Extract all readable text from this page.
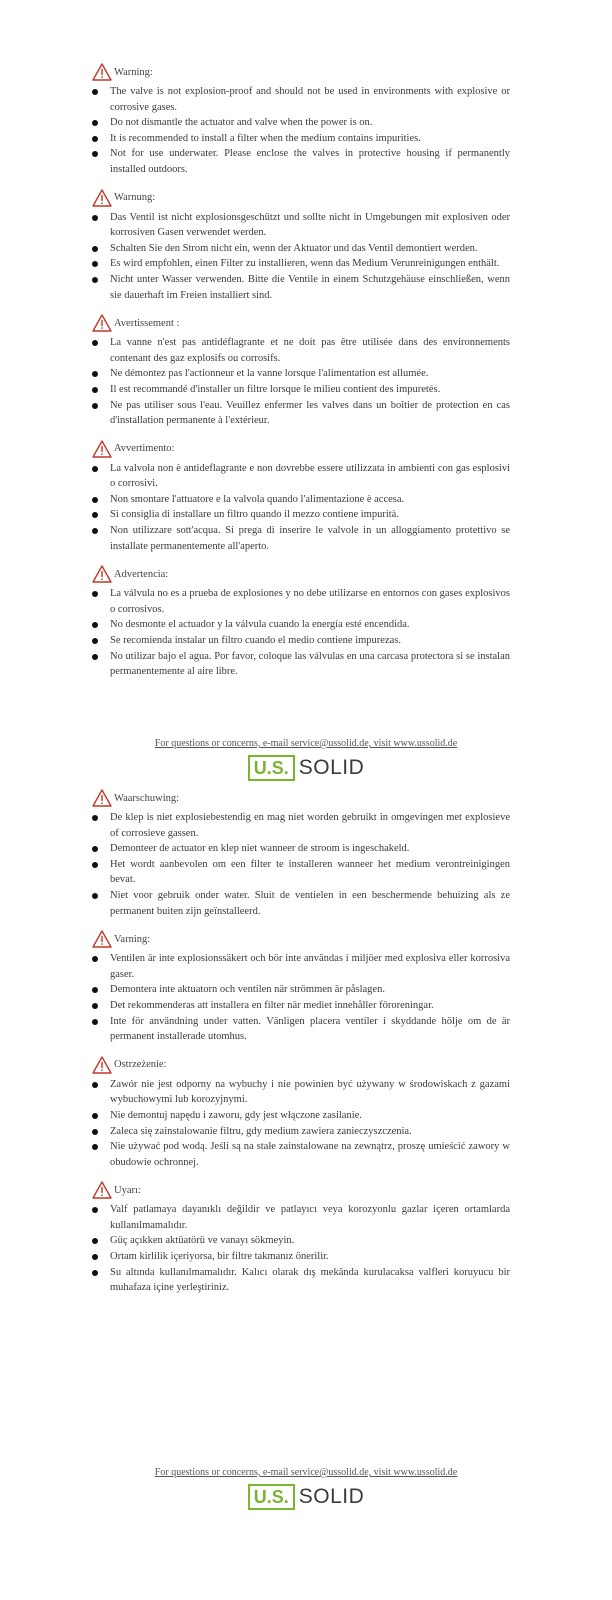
Warning:
The valve is not explosion-proof and should not be used in environments with explosive or corrosive gases.
Do not dismantle the actuator and valve when the power is on.
It is recommended to install a filter when the medium contains impurities.
Not for use underwater. Please enclose the valves in protective housing if permanently installed outdoors.
Warnung:
Das Ventil ist nicht explosionsgeschützt und sollte nicht in Umgebungen mit explosiven oder korrosiven Gasen verwendet werden.
Schalten Sie den Strom nicht ein, wenn der Aktuator und das Ventil demontiert werden.
Es wird empfohlen, einen Filter zu installieren, wenn das Medium Verunreinigungen enthält.
Nicht unter Wasser verwenden. Bitte die Ventile in einem Schutzgehäuse einschließen, wenn sie dauerhaft im Freien installiert sind.
Avertissement :
La vanne n'est pas antidéflagrante et ne doit pas être utilisée dans des environnements contenant des gaz explosifs ou corrosifs.
Ne démontez pas l'actionneur et la vanne lorsque l'alimentation est allumée.
Il est recommandé d'installer un filtre lorsque le milieu contient des impuretés.
Ne pas utiliser sous l'eau. Veuillez enfermer les valves dans un boîtier de protection en cas d'installation permanente à l'extérieur.
Avvertimento:
La valvola non è antideflagrante e non dovrebbe essere utilizzata in ambienti con gas esplosivi o corrosivi.
Non smontare l'attuatore e la valvola quando l'alimentazione è accesa.
Si consiglia di installare un filtro quando il mezzo contiene impurità.
Non utilizzare sott'acqua. Si prega di inserire le valvole in un alloggiamento protettivo se installate permanentemente all'aperto.
Advertencia:
La válvula no es a prueba de explosiones y no debe utilizarse en entornos con gases explosivos o corrosivos.
No desmonte el actuador y la válvula cuando la energía esté encendida.
Se recomienda instalar un filtro cuando el medio contiene impurezas.
No utilizar bajo el agua. Por favor, coloque las válvulas en una carcasa protectora si se instalan permanentemente al aire libre.
For questions or concerns, e-mail service@ussolid.de, visit www.ussolid.de
U.S. SOLID
Waarschuwing:
De klep is niet explosiebestendig en mag niet worden gebruikt in omgevingen met explosieve of corrosieve gassen.
Demonteer de actuator en klep niet wanneer de stroom is ingeschakeld.
Het wordt aanbevolen om een filter te installeren wanneer het medium verontreinigingen bevat.
Niet voor gebruik onder water. Sluit de ventielen in een beschermende behuizing als ze permanent buiten zijn geïnstalleerd.
Varning:
Ventilen är inte explosionssäkert och bör inte användas i miljöer med explosiva eller korrosiva gaser.
Demontera inte aktuatorn och ventilen när strömmen är påslagen.
Det rekommenderas att installera en filter när mediet innehåller föroreningar.
Inte för användning under vatten. Vänligen placera ventiler i skyddande hölje om de är permanent installerade utomhus.
Ostrzeżenie:
Zawór nie jest odporny na wybuchy i nie powinien być używany w środowiskach z gazami wybuchowymi lub korozyjnymi.
Nie demontuj napędu i zaworu, gdy jest włączone zasilanie.
Zaleca się zainstalowanie filtru, gdy medium zawiera zanieczyszczenia.
Nie używać pod wodą. Jeśli są na stałe zainstalowane na zewnątrz, proszę umieścić zawory w obudowie ochronnej.
Uyarı:
Valf patlamaya dayanıklı değildir ve patlayıcı veya korozyonlu gazlar içeren ortamlarda kullanılmamalıdır.
Güç açıkken aktüatörü ve vanayı sökmeyin.
Ortam kirlilik içeriyorsa, bir filtre takmanız önerilir.
Su altında kullanılmamalıdır. Kalıcı olarak dış mekânda kurulacaksa valfleri koruyucu bir muhafaza içine yerleştiriniz.
For questions or concerns, e-mail service@ussolid.de, visit www.ussolid.de
U.S. SOLID
